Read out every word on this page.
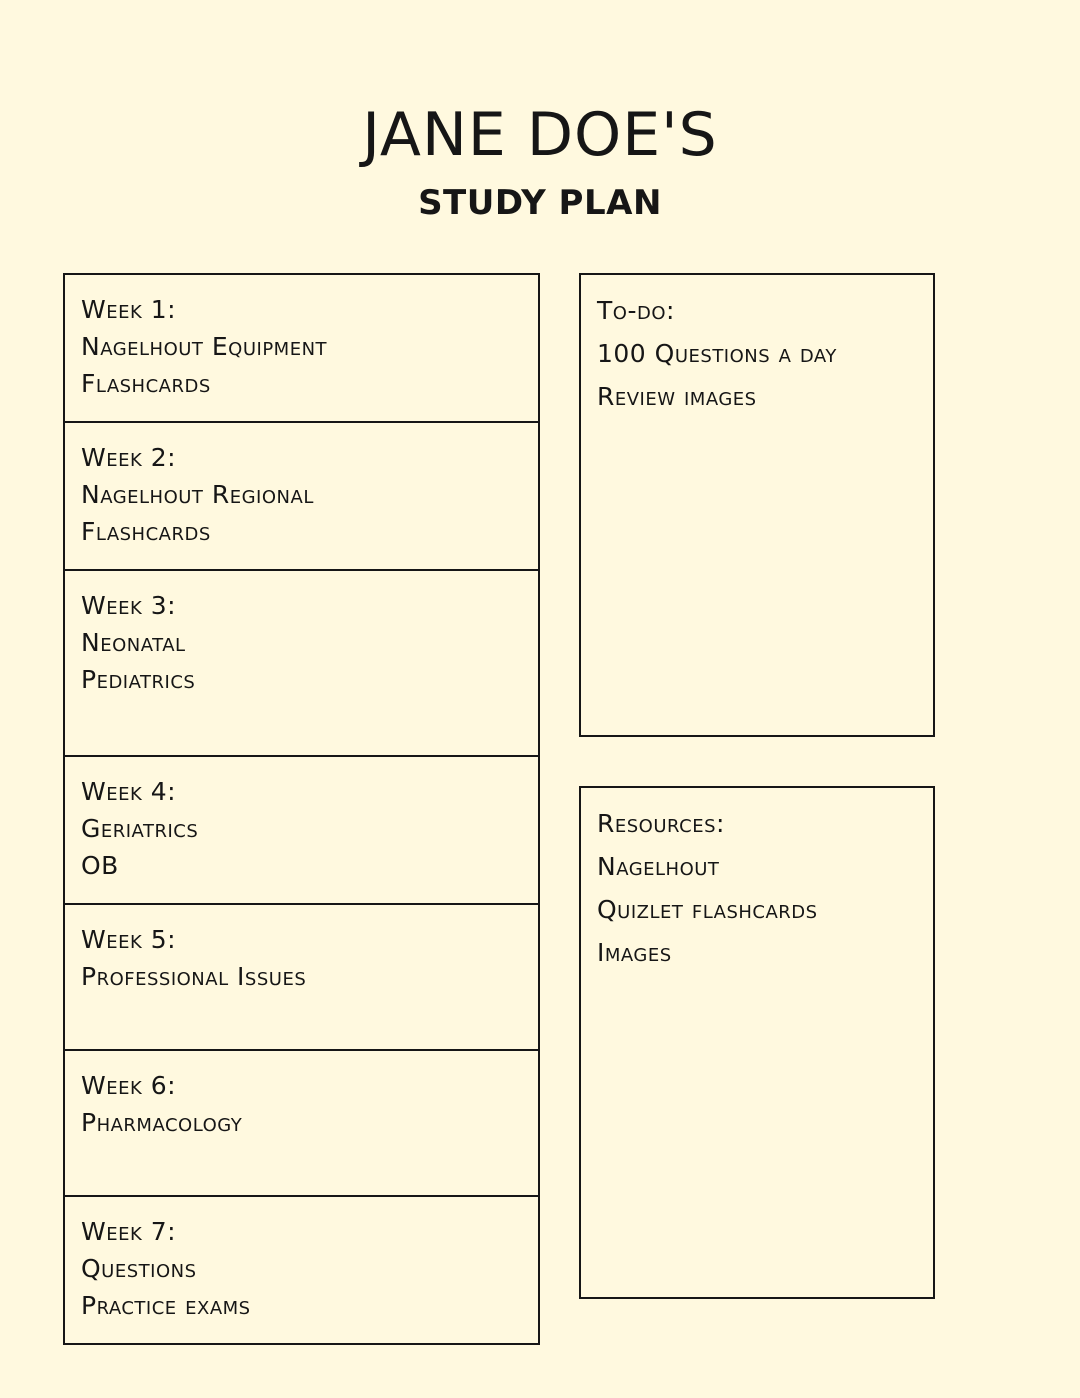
JANE DOE'S
STUDY PLAN
Week 1:
Nagelhout Equipment
Flashcards
Week 2:
Nagelhout Regional
Flashcards
Week 3:
Neonatal
Pediatrics
Week 4:
Geriatrics
OB
Week 5:
Professional Issues
Week 6:
Pharmacology
Week 7:
Questions
Practice exams
To-do:
100 Questions a day
Review images
Resources:
Nagelhout
Quizlet flashcards
Images
